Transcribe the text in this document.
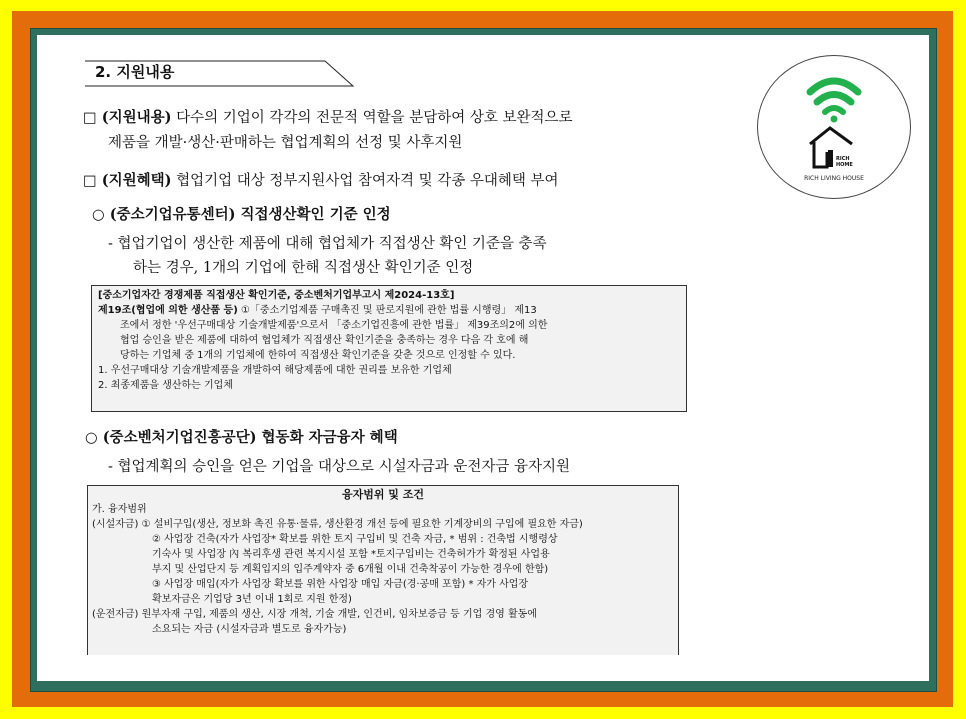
2. 지원내용
□ (지원내용) 다수의 기업이 각각의 전문적 역할을 분담하여 상호 보완적으로
제품을 개발·생산·판매하는 협업계획의 선정 및 사후지원
□ (지원혜택) 협업기업 대상 정부지원사업 참여자격 및 각종 우대혜택 부여
○ (중소기업유통센터) 직접생산확인 기준 인정
- 협업기업이 생산한 제품에 대해 협업체가 직접생산 확인 기준을 충족
하는 경우, 1개의 기업에 한해 직접생산 확인기준 인정
[중소기업자간 경쟁제품 직접생산 확인기준, 중소벤처기업부고시 제2024-13호]
제19조(협업에 의한 생산품 등) ①「중소기업제품 구매촉진 및 판로지원에 관한 법률 시행령」 제13
조에서 정한 '우선구매대상 기술개발제품'으로서 「중소기업진흥에 관한 법률」 제39조의2에 의한
협업 승인을 받은 제품에 대하여 협업체가 직접생산 확인기준을 충족하는 경우 다음 각 호에 해
당하는 기업체 중 1개의 기업체에 한하여 직접생산 확인기준을 갖춘 것으로 인정할 수 있다.
1. 우선구매대상 기술개발제품을 개발하여 해당제품에 대한 권리를 보유한 기업체
2. 최종제품을 생산하는 기업체
○ (중소벤처기업진흥공단) 협동화 자금융자 혜택
- 협업계획의 승인을 얻은 기업을 대상으로 시설자금과 운전자금 융자지원
융자범위 및 조건
가. 융자범위
(시설자금) ① 설비구입(생산, 정보화 촉진 유통·물류, 생산환경 개선 등에 필요한 기계장비의 구입에 필요한 자금)
② 사업장 건축(자가 사업장* 확보를 위한 토지 구입비 및 건축 자금, * 범위 : 건축법 시행령상
기숙사 및 사업장 內 복리후생 관련 복지시설 포함 *토지구입비는 건축허가가 확정된 사업용
부지 및 산업단지 등 계획입지의 입주계약자 중 6개월 이내 건축착공이 가능한 경우에 한함)
③ 사업장 매입(자가 사업장 확보를 위한 사업장 매입 자금(경·공매 포함) * 자가 사업장
확보자금은 기업당 3년 이내 1회로 지원 한정)
(운전자금) 원부자재 구입, 제품의 생산, 시장 개척, 기술 개발, 인건비, 임차보증금 등 기업 경영 활동에
소요되는 자금 (시설자금과 별도로 융자가능)
RICH
HOME
RICH LIVING HOUSE
